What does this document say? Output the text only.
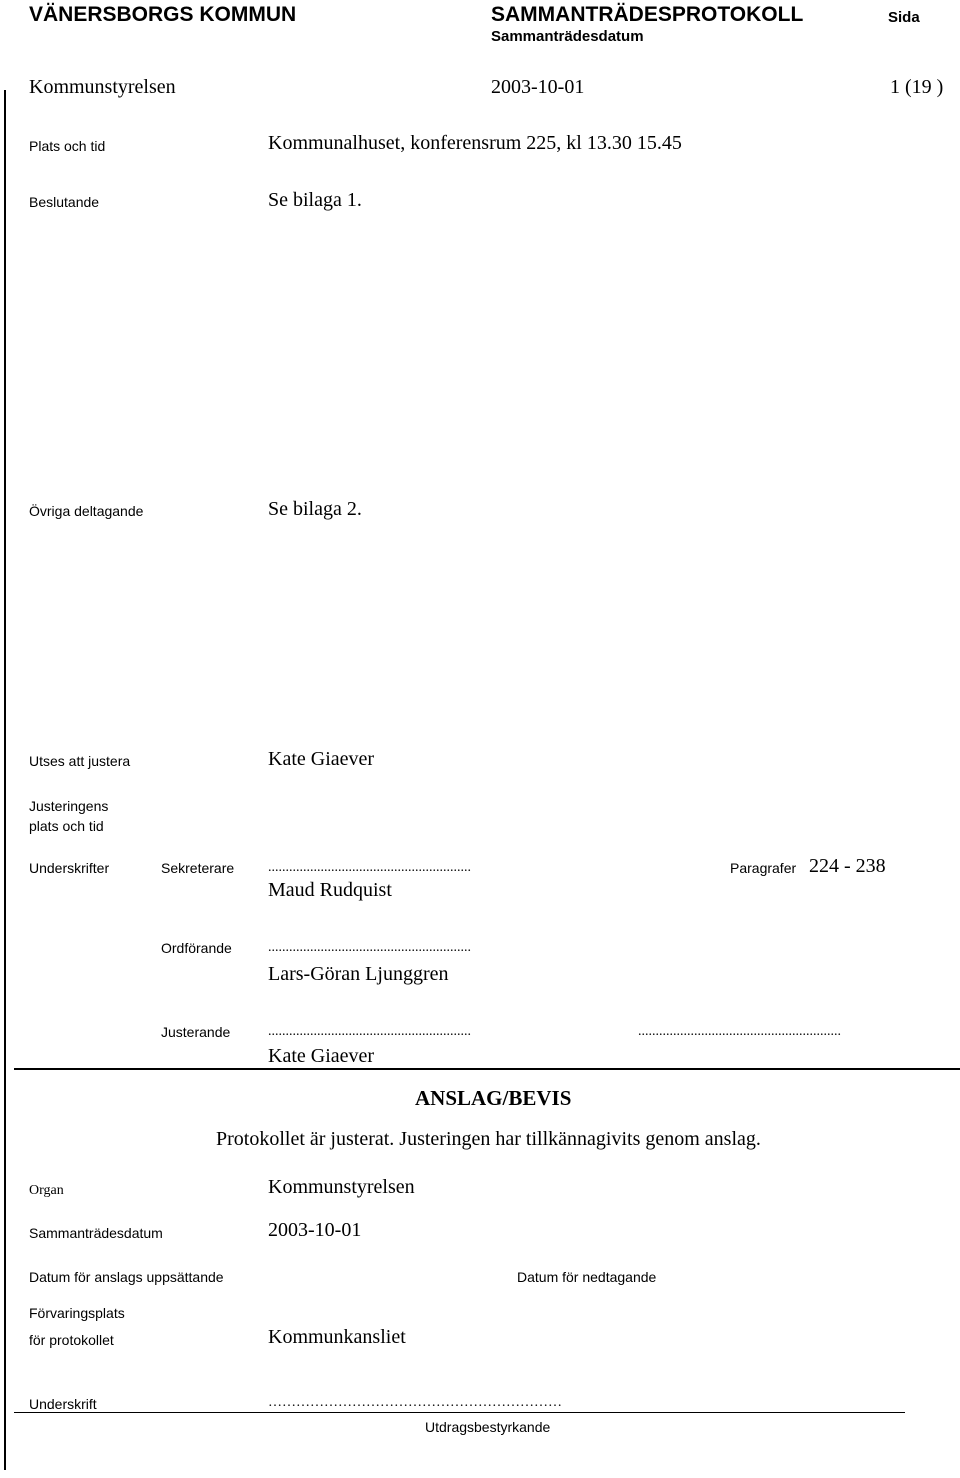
VÄNERSBORGS KOMMUN	SAMMANTRÄDESPROTOKOLL	Sida
Sammanträdesdatum
Kommunstyrelsen	2003-10-01	1 (19 )
Plats och tid	Kommunalhuset, konferensrum 225, kl 13.30 15.45
Beslutande	Se bilaga 1.
Övriga deltagande	Se bilaga 2.
Utses att justera	Kate Giaever
Justeringens
plats och tid
Underskrifter	Sekreterare ..........................................................	Paragrafer 224 - 238
Maud Rudquist
Ordförande	..........................................................
Lars-Göran Ljunggren
Justerande	..........................................................	..........................................................
Kate Giaever
ANSLAG/BEVIS
Protokollet är justerat. Justeringen har tillkännagivits genom anslag.
Organ	Kommunstyrelsen
Sammanträdesdatum	2003-10-01
Datum för anslags uppsättande	Datum för nedtagande
Förvaringsplats
för protokollet	Kommunkansliet
Underskrift	………………………………………………………
Utdragsbestyrkande
